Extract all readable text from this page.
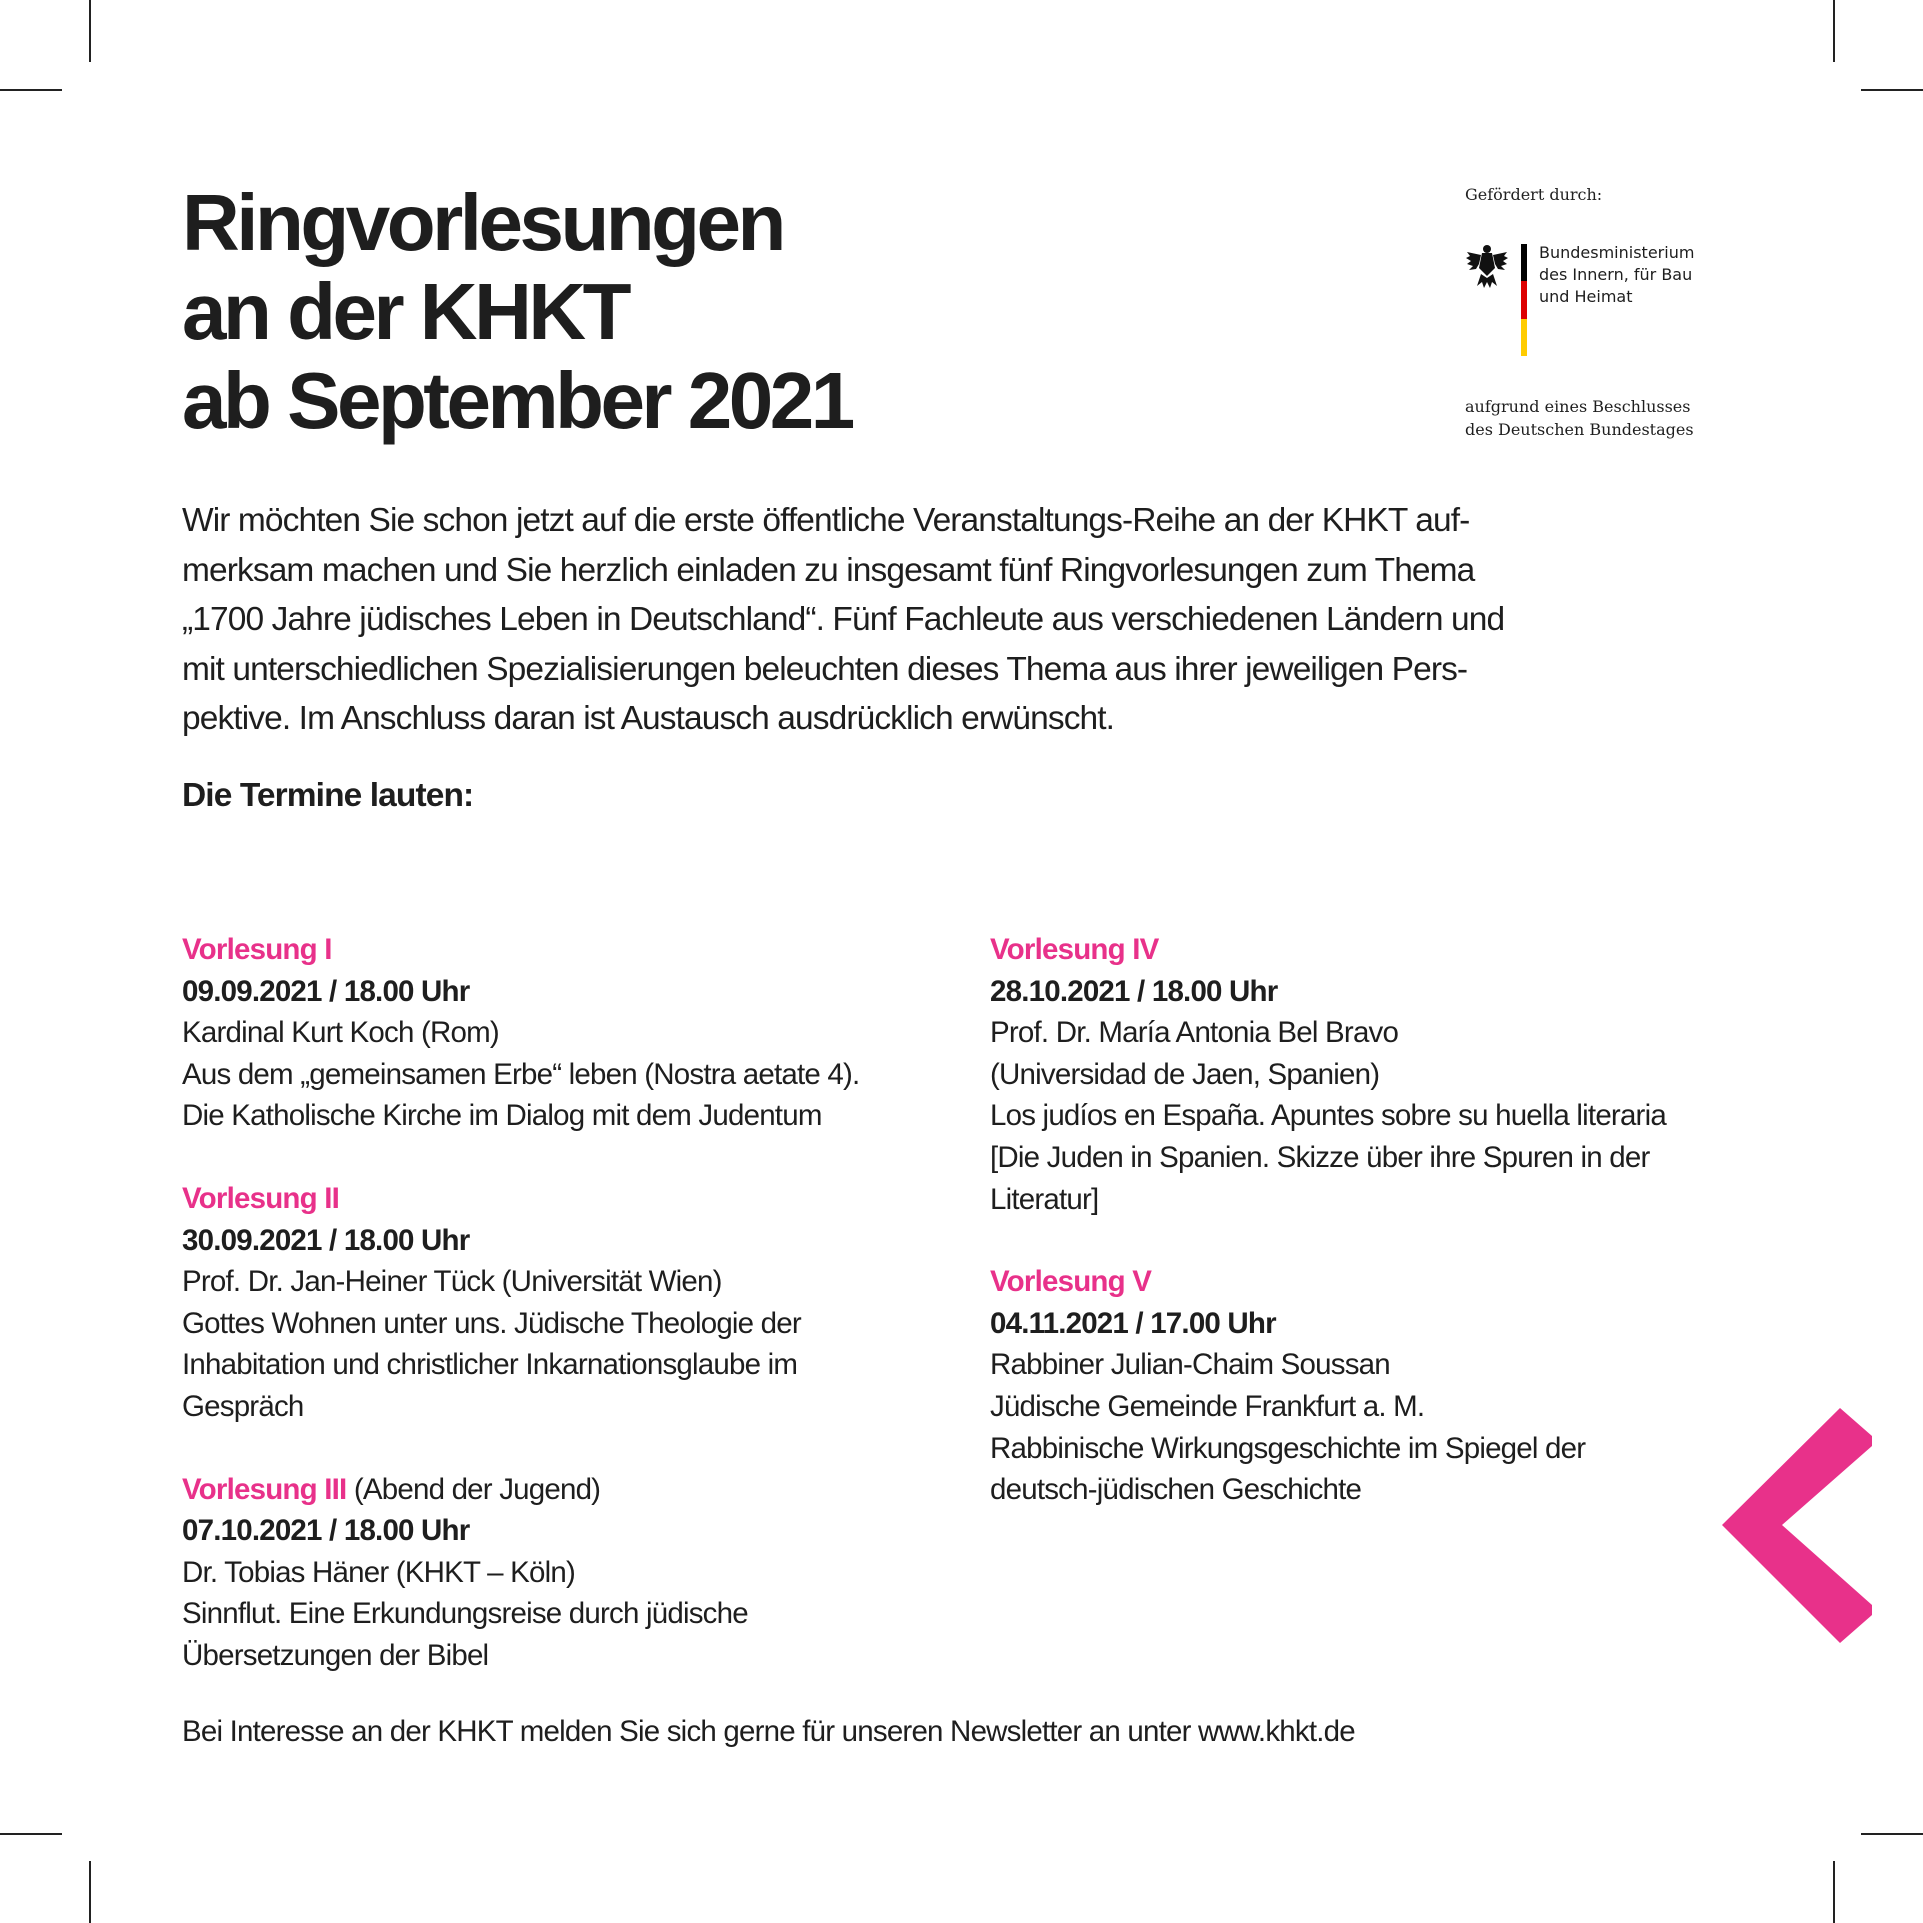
Ringvorlesungen
an der KHKT
ab September 2021
Gefördert durch:
Bundesministerium
des Innern, für Bau
und Heimat
aufgrund eines Beschlusses
des Deutschen Bundestages

Wir möchten Sie schon jetzt auf die erste öffentliche Veranstaltungs-Reihe an der KHKT auf-
merksam machen und Sie herzlich einladen zu insgesamt fünf Ringvorlesungen zum Thema
„1700 Jahre jüdisches Leben in Deutschland“. Fünf Fachleute aus verschiedenen Ländern und
mit unterschiedlichen Spezialisierungen beleuchten dieses Thema aus ihrer jeweiligen Pers-
pektive. Im Anschluss daran ist Austausch ausdrücklich erwünscht.

Die Termine lauten:

Vorlesung I

09.09.2021 / 18.00 Uhr

Kardinal Kurt Koch (Rom)

Aus dem „gemeinsamen Erbe“ leben (Nostra aetate 4).

Die Katholische Kirche im Dialog mit dem Judentum

Vorlesung II

30.09.2021 / 18.00 Uhr

Prof. Dr. Jan-Heiner Tück (Universität Wien)

Gottes Wohnen unter uns. Jüdische Theologie der

Inhabitation und christlicher Inkarnationsglaube im

Gespräch

Vorlesung III (Abend der Jugend)

07.10.2021 / 18.00 Uhr

Dr. Tobias Häner (KHKT – Köln)

Sinnflut. Eine Erkundungsreise durch jüdische

Übersetzungen der Bibel

Vorlesung IV

28.10.2021 / 18.00 Uhr

Prof. Dr. María Antonia Bel Bravo

(Universidad de Jaen, Spanien)

Los judíos en España. Apuntes sobre su huella literaria

[Die Juden in Spanien. Skizze über ihre Spuren in der

Literatur]

Vorlesung V

04.11.2021 / 17.00 Uhr

Rabbiner Julian-Chaim Soussan

Jüdische Gemeinde Frankfurt a. M.

Rabbinische Wirkungsgeschichte im Spiegel der

deutsch-jüdischen Geschichte

Bei Interesse an der KHKT melden Sie sich gerne für unseren Newsletter an unter www.khkt.de
